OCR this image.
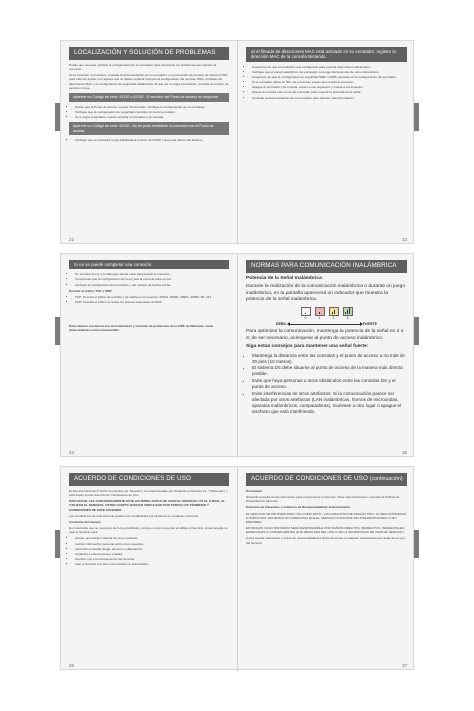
LOCALIZACIÓN Y SOLUCIÓN DE PROBLEMAS

Puede que necesite verificar la configuración de su enrutador para solucionar los problemas que impiden la conexión.

Si su conexión no funciona, consulte la documentación de su enrutador o su proveedor de servicio de Internet (ISP) para obtener ayuda. Los ajustes que se deben verificar incluyen la configuración del servidor DNS, el filtrado de direcciones MAC y la configuración de seguridad inalámbrica. Si aun así no logra conectarse, consulte la sección de ayuda en línea.

Aparece un Código de error: 51330 o 52130 - El servidor del Punto de acceso no responde.
• Puede que el Punto de acceso no esté funcionando. Verifique la configuración de su enrutador.
• Verifique que la configuración de seguridad coincida con la del enrutador.
• Si no logra conectarse, intente reiniciar el enrutador y la consola.
Aparece un Código de error: 52100 - No se pudo establecer la conexión con el Punto de acceso.
• Verifique que el enrutador tenga habilitada la función de DHCP y que esté dentro del alcance.
22
Si el filtrado de direcciones MAC está activado en su enrutador, registre la dirección MAC de la consola Nintendo.
• Asegúrese de que el enrutador esté configurado para permitir dispositivos adicionales.
• Verifique que el canal inalámbrico del enrutador no tenga interferencias de otros dispositivos.
• Asegúrese de que la configuración de seguridad WEP o WPA coincida con la configuración del enrutador.
• Si el enrutador utiliza un filtro de contenido, puede que impida la conexión.
• Apague el enrutador y la consola, espere unos segundos y vuelva a encenderlos.
• Mueva la consola más cerca del enrutador para mejorar la potencia de la señal.
• Consulte la documentación de su enrutador para obtener más información.
23
Si no se puede completar una conexión.
• Un servidor proxy o cortafuegos puede estar bloqueando la conexión.
• Compruebe que la configuración del proxy sea la correcta para su red.
• Verifique la configuración del enrutador y del módem de banda ancha.

Permitir el tráfico TCP y UDP:

• TCP: Permita el tráfico de entrada y de salida en los puertos: 28910, 29900, 29901, 29920, 80, 443
• UDP: Permita el tráfico en todos los puertos superiores al 1024

Para obtener asistencia con la localización y solución de problemas de la CWF de Nintendo, visite www.nintendo.com/consumer/wfc.

24
NORMAS PARA COMUNICACIÓN INALÁMBRICA

Potencia de la Señal Inalámbrica

Durante la realización de la comunicación inalámbrica o durante un juego inalámbrico, en la pantalla aparecerá un indicador que muestra la potencia de la señal inalámbrica.

0	1	2	3
DÉBIL	FUERTE

Para optimizar la comunicación, mantenga la potencia de la señal en 2 o 3; de ser necesario, acérquese al punto de acceso inalámbrico.

Siga estas consejos para mantener una señal fuerte:

• Mantenga la distancia entre las consolas y el punto de acceso a no más de 30 pies (10 metros).
• El sistema DS debe situarse al punto de acceso de la manera más directa posible.
• Evite que haya personas u otros obstáculos entre las consolas DS y el punto de acceso.
• Evite interferencias de otros artefactos. Si la comunicación parece ser afectada por otros artefactos (LAN inalámbricas, hornos de microondas, aparatos inalámbricos, computadoras), muévase a otro lugar o apague el artefacto que está interfiriendo.
25
ACUERDO DE CONDICIONES DE USO

El Servicio Nintendo® Wi-Fi Connection (el "Servicio") es proporcionado por Nintendo of America Inc. ("Nintendo") y está sujeto a este Acuerdo de Condiciones de Uso.

POR FAVOR, LEA CUIDADOSAMENTE ESTE ACUERDO ANTES DE USAR EL SERVICIO Y/O EL JUEGO. AL UTILIZAR EL SERVICIO, USTED ACEPTA QUEDAR VINCULADO POR TODOS LOS TÉRMINOS Y CONDICIONES DE ESTE ACUERDO.

Las condiciones de este Acuerdo pueden ser modificadas por Nintendo en cualquier momento.

Conducta del Usuario

Es importante que se comporte de forma civilizada y cortés en todo momento al utilizar el Servicio. Usted acepta no usar el Servicio para:

• acosar, amenazar o abusar de otros usuarios;
• revelar información personal sobre otros usuarios;
• transmitir contenido ilegal, obsceno o difamatorio;
• suplantar a otra persona o entidad;
• interferir con el funcionamiento del Servicio;
• usar el Servicio con fines comerciales no autorizados.
26
ACUERDO DE CONDICIONES DE USO (continuación)

Privacidad

Nintendo recopila cierta información para proporcionar el Servicio. Para más información, consulte la Política de Privacidad de Nintendo.

Exención de Garantías; Limitación de Responsabilidad; Indemnización

EL SERVICIO SE PROPORCIONA "TAL COMO ESTÁ", SIN GARANTÍAS DE NINGÚN TIPO, YA SEAN EXPRESAS O IMPLÍCITAS. NINTENDO NO GARANTIZA QUE EL SERVICIO FUNCIONE SIN INTERRUPCIONES O SIN ERRORES.

EN NINGÚN CASO NINTENDO SERÁ RESPONSABLE POR DAÑOS DIRECTOS, INDIRECTOS, INCIDENTALES, ESPECIALES O CONSECUENTES QUE RESULTEN DEL USO O DE LA INCAPACIDAD DE USAR EL SERVICIO.

Usted acepta indemnizar y eximir de responsabilidad a Nintendo frente a cualquier reclamación que surja de su uso del Servicio.

27
